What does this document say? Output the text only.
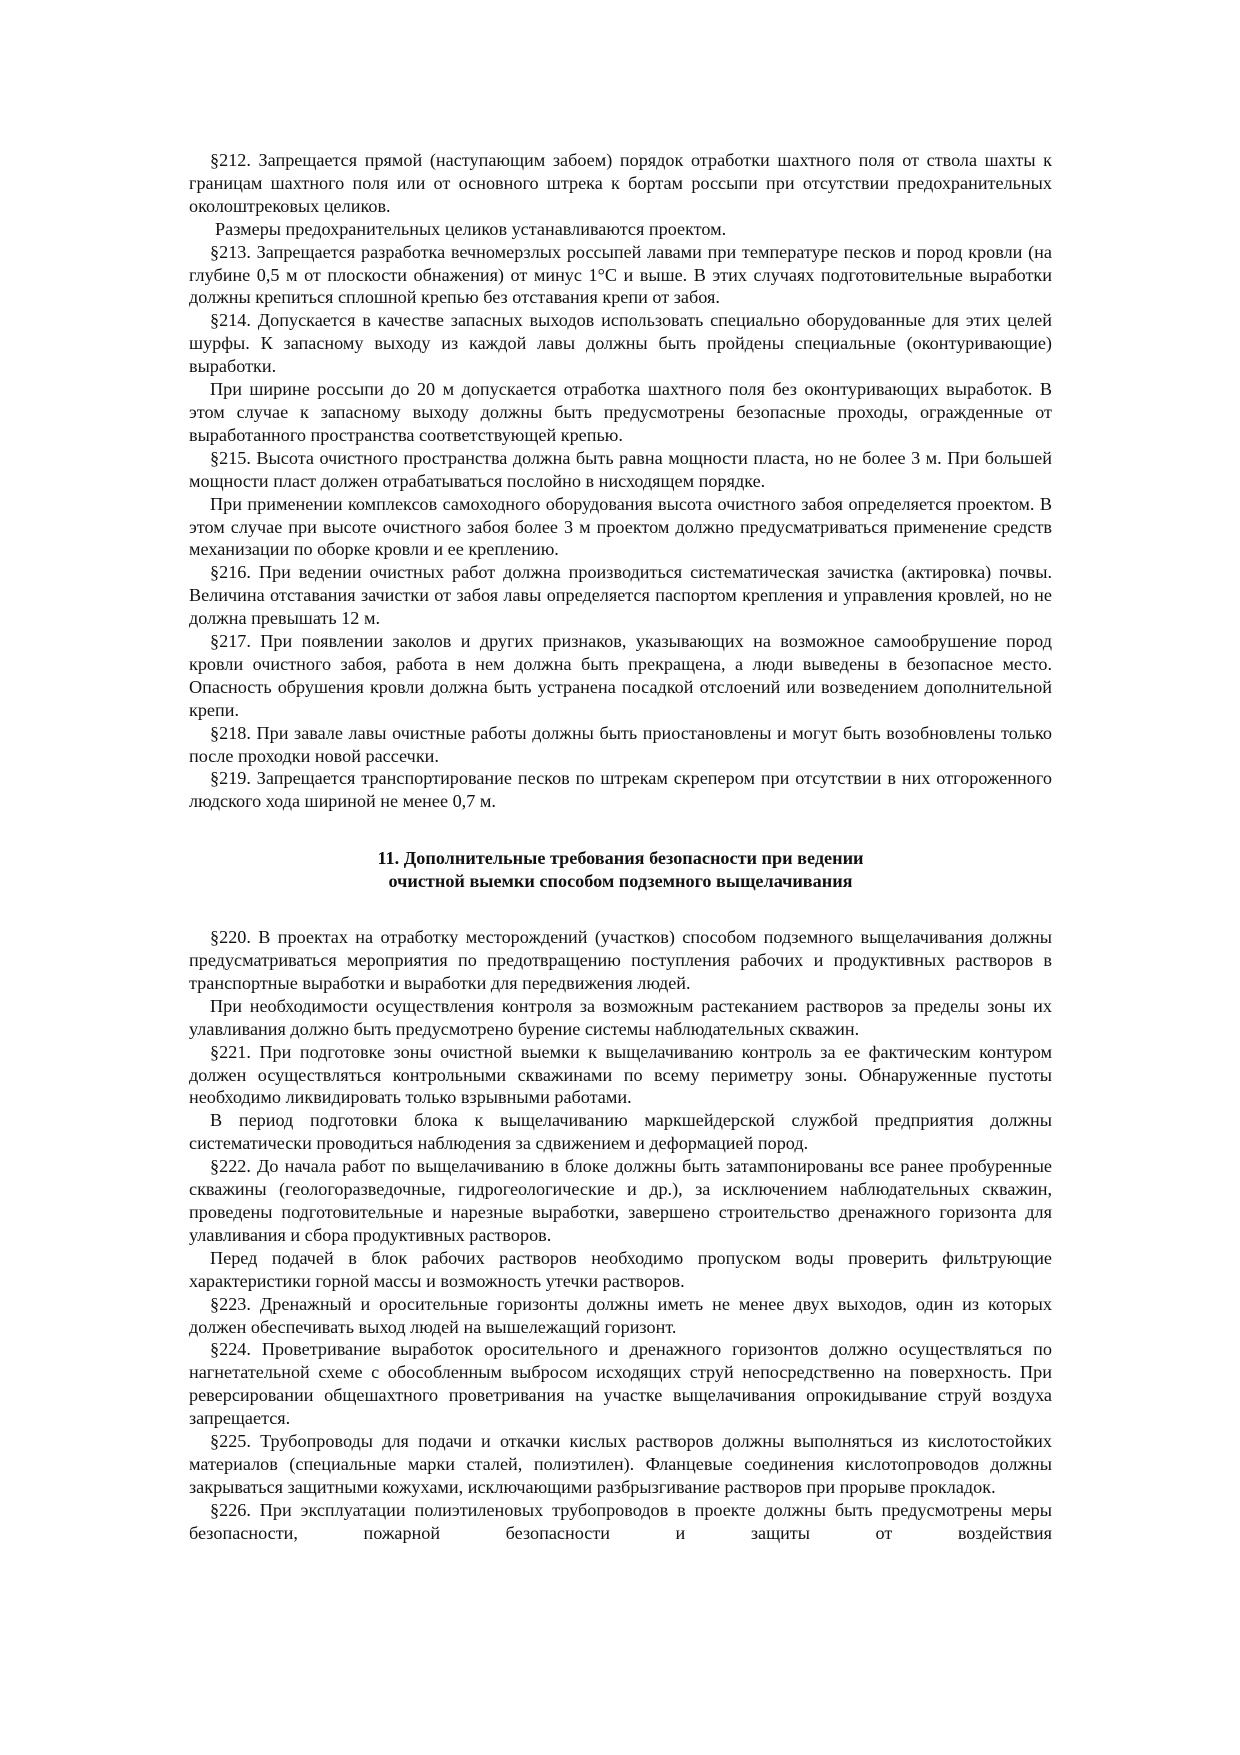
§212. Запрещается прямой (наступающим забоем) порядок отработки шахтного поля от ствола шахты к границам шахтного поля или от основного штрека к бортам россыпи при отсутствии предохранительных околоштрековых целиков.

Размеры предохранительных целиков устанавливаются проектом.

§213. Запрещается разработка вечномерзлых россыпей лавами при температуре песков и пород кровли (на глубине 0,5 м от плоскости обнажения) от минус 1°С и выше. В этих случаях подготовительные выработки должны крепиться сплошной крепью без отставания крепи от забоя.

§214. Допускается в качестве запасных выходов использовать специально оборудованные для этих целей шурфы. К запасному выходу из каждой лавы должны быть пройдены специальные (оконтуривающие) выработки.

При ширине россыпи до 20 м допускается отработка шахтного поля без оконтуривающих выработок. В этом случае к запасному выходу должны быть предусмотрены безопасные проходы, огражденные от выработанного пространства соответствующей крепью.

§215. Высота очистного пространства должна быть равна мощности пласта, но не более 3 м. При большей мощности пласт должен отрабатываться послойно в нисходящем порядке.

При применении комплексов самоходного оборудования высота очистного забоя определяется проектом. В этом случае при высоте очистного забоя более 3 м проектом должно предусматриваться применение средств механизации по оборке кровли и ее креплению.

§216. При ведении очистных работ должна производиться систематическая зачистка (актировка) почвы. Величина отставания зачистки от забоя лавы определяется паспортом крепления и управления кровлей, но не должна превышать 12 м.

§217. При появлении заколов и других признаков, указывающих на возможное самообрушение пород кровли очистного забоя, работа в нем должна быть прекращена, а люди выведены в безопасное место. Опасность обрушения кровли должна быть устранена посадкой отслоений или возведением дополнительной крепи.

§218. При завале лавы очистные работы должны быть приостановлены и могут быть возобновлены только после проходки новой рассечки.

§219. Запрещается транспортирование песков по штрекам скрепером при отсутствии в них отгороженного людского хода шириной не менее 0,7 м.

11. Дополнительные требования безопасности при ведении
очистной выемки способом подземного выщелачивания

§220. В проектах на отработку месторождений (участков) способом подземного выщелачивания должны предусматриваться мероприятия по предотвращению поступления рабочих и продуктивных растворов в транспортные выработки и выработки для передвижения людей.

При необходимости осуществления контроля за возможным растеканием растворов за пределы зоны их улавливания должно быть предусмотрено бурение системы наблюдательных скважин.

§221. При подготовке зоны очистной выемки к выщелачиванию контроль за ее фактическим контуром должен осуществляться контрольными скважинами по всему периметру зоны. Обнаруженные пустоты необходимо ликвидировать только взрывными работами.

В период подготовки блока к выщелачиванию маркшейдерской службой предприятия должны систематически проводиться наблюдения за сдвижением и деформацией пород.

§222. До начала работ по выщелачиванию в блоке должны быть затампонированы все ранее пробуренные скважины (геологоразведочные, гидрогеологические и др.), за исключением наблюдательных скважин, проведены подготовительные и нарезные выработки, завершено строительство дренажного горизонта для улавливания и сбора продуктивных растворов.

Перед подачей в блок рабочих растворов необходимо пропуском воды проверить фильтрующие характеристики горной массы и возможность утечки растворов.

§223. Дренажный и оросительные горизонты должны иметь не менее двух выходов, один из которых должен обеспечивать выход людей на вышележащий горизонт.

§224. Проветривание выработок оросительного и дренажного горизонтов должно осуществляться по нагнетательной схеме с обособленным выбросом исходящих струй непосредственно на поверхность. При реверсировании общешахтного проветривания на участке выщелачивания опрокидывание струй воздуха запрещается.

§225. Трубопроводы для подачи и откачки кислых растворов должны выполняться из кислотостойких материалов (специальные марки сталей, полиэтилен). Фланцевые соединения кислотопроводов должны закрываться защитными кожухами, исключающими разбрызгивание растворов при прорыве прокладок.

§226. При эксплуатации полиэтиленовых трубопроводов в проекте должны быть предусмотрены меры безопасности, пожарной безопасности и защиты от воздействия
